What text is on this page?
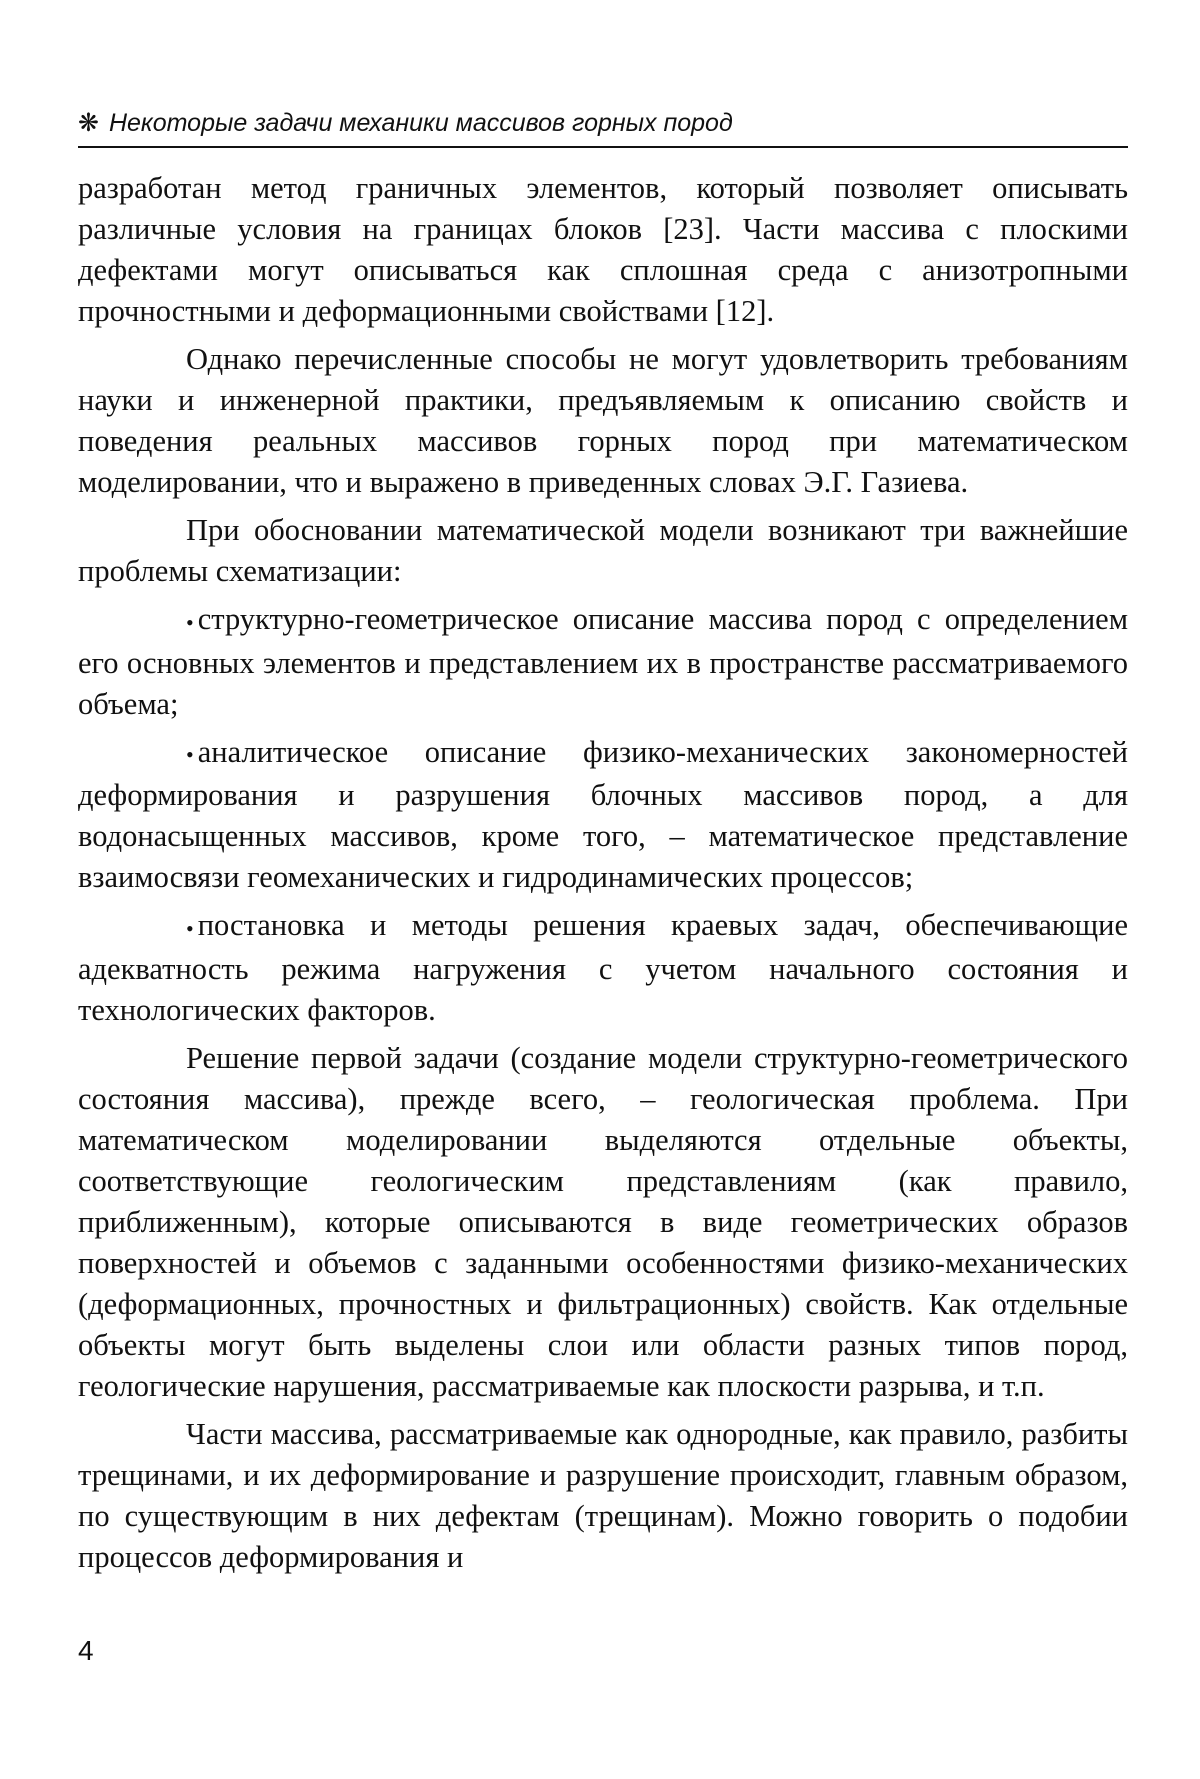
❋ Некоторые задачи механики массивов горных пород

разработан метод граничных элементов, который позволяет описывать различные условия на границах блоков [23]. Части массива с плоскими дефектами могут описываться как сплошная среда с анизотропными прочностными и деформационными свойствами [12].

Однако перечисленные способы не могут удовлетворить требованиям науки и инженерной практики, предъявляемым к описанию свойств и поведения реальных массивов горных пород при математическом моделировании, что и выражено в приведенных словах Э.Г. Газиева.

При обосновании математической модели возникают три важнейшие проблемы схематизации:

• структурно-геометрическое описание массива пород с определением его основных элементов и представлением их в пространстве рассматриваемого объема;

• аналитическое описание физико-механических закономерностей деформирования и разрушения блочных массивов пород, а для водонасыщенных массивов, кроме того, – математическое представление взаимосвязи геомеханических и гидродинамических процессов;

• постановка и методы решения краевых задач, обеспечивающие адекватность режима нагружения с учетом начального состояния и технологических факторов.

Решение первой задачи (создание модели структурно-геометрического состояния массива), прежде всего, – геологическая проблема. При математическом моделировании выделяются отдельные объекты, соответствующие геологическим представлениям (как правило, приближенным), которые описываются в виде геометрических образов поверхностей и объемов с заданными особенностями физико-механических (деформационных, прочностных и фильтрационных) свойств. Как отдельные объекты могут быть выделены слои или области разных типов пород, геологические нарушения, рассматриваемые как плоскости разрыва, и т.п.

Части массива, рассматриваемые как однородные, как правило, разбиты трещинами, и их деформирование и разрушение происходит, главным образом, по существующим в них дефектам (трещинам). Можно говорить о подобии процессов деформирования и

4
